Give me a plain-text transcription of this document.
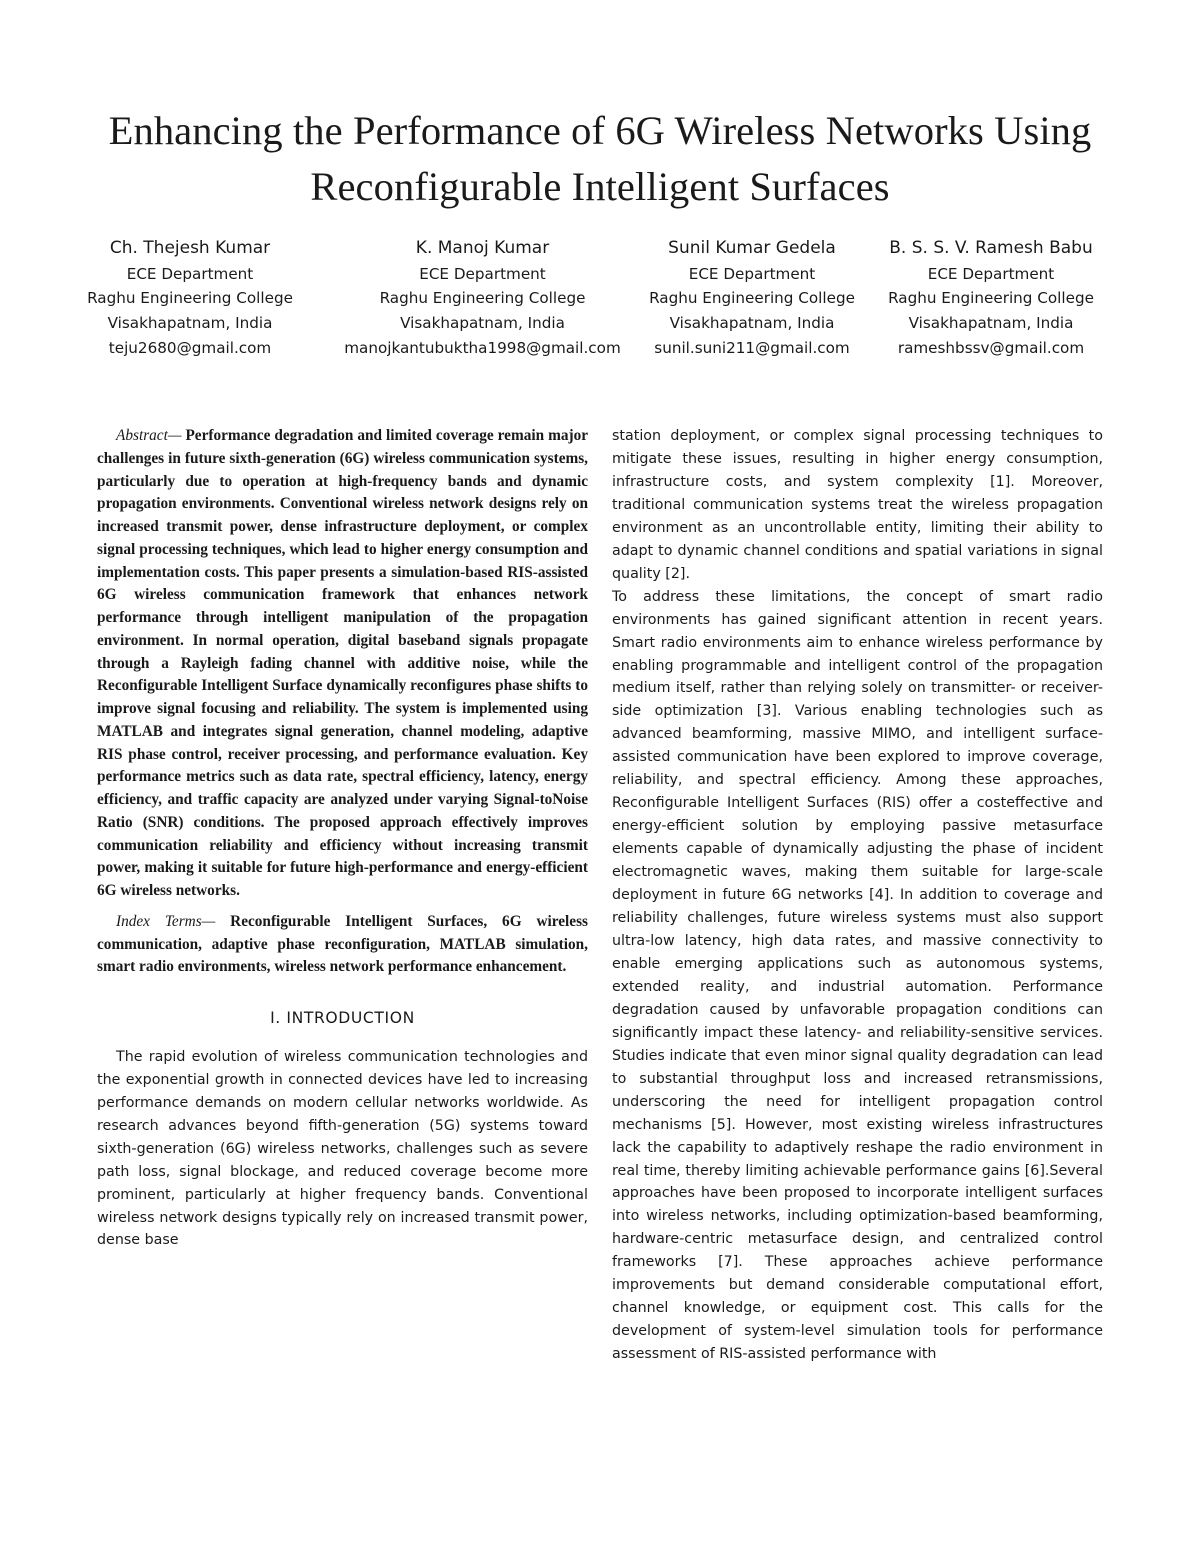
Enhancing the Performance of 6G Wireless Networks Using Reconfigurable Intelligent Surfaces
Ch. Thejesh Kumar
ECE Department
Raghu Engineering College
Visakhapatnam, India
teju2680@gmail.com
K. Manoj Kumar
ECE Department
Raghu Engineering College
Visakhapatnam, India
manojkantubuktha1998@gmail.com
Sunil Kumar Gedela
ECE Department
Raghu Engineering College
Visakhapatnam, India
sunil.suni211@gmail.com
B. S. S. V. Ramesh Babu
ECE Department
Raghu Engineering College
Visakhapatnam, India
rameshbssv@gmail.com

Abstract— Performance degradation and limited coverage remain major challenges in future sixth-generation (6G) wireless communication systems, particularly due to operation at high-frequency bands and dynamic propagation environments. Conventional wireless network designs rely on increased transmit power, dense infrastructure deployment, or complex signal processing techniques, which lead to higher energy consumption and implementation costs. This paper presents a simulation-based RIS-assisted 6G wireless communication framework that enhances network performance through intelligent manipulation of the propagation environment. In normal operation, digital baseband signals propagate through a Rayleigh fading channel with additive noise, while the Reconfigurable Intelligent Surface dynamically reconfigures phase shifts to improve signal focusing and reliability. The system is implemented using MATLAB and integrates signal generation, channel modeling, adaptive RIS phase control, receiver processing, and performance evaluation. Key performance metrics such as data rate, spectral efficiency, latency, energy efficiency, and traffic capacity are analyzed under varying Signal-toNoise Ratio (SNR) conditions. The proposed approach effectively improves communication reliability and efficiency without increasing transmit power, making it suitable for future high-performance and energy-efficient 6G wireless networks.

Index Terms— Reconfigurable Intelligent Surfaces, 6G wireless communication, adaptive phase reconfiguration, MATLAB simulation, smart radio environments, wireless network performance enhancement.

I. INTRODUCTION

The rapid evolution of wireless communication technologies and the exponential growth in connected devices have led to increasing performance demands on modern cellular networks worldwide. As research advances beyond fifth-generation (5G) systems toward sixth-generation (6G) wireless networks, challenges such as severe path loss, signal blockage, and reduced coverage become more prominent, particularly at higher frequency bands. Conventional wireless network designs typically rely on increased transmit power, dense base

station deployment, or complex signal processing techniques to mitigate these issues, resulting in higher energy consumption, infrastructure costs, and system complexity [1]. Moreover, traditional communication systems treat the wireless propagation environment as an uncontrollable entity, limiting their ability to adapt to dynamic channel conditions and spatial variations in signal quality [2].

To address these limitations, the concept of smart radio environments has gained significant attention in recent years. Smart radio environments aim to enhance wireless performance by enabling programmable and intelligent control of the propagation medium itself, rather than relying solely on transmitter- or receiver-side optimization [3]. Various enabling technologies such as advanced beamforming, massive MIMO, and intelligent surface-assisted communication have been explored to improve coverage, reliability, and spectral efficiency. Among these approaches, Reconfigurable Intelligent Surfaces (RIS) offer a costeffective and energy-efficient solution by employing passive metasurface elements capable of dynamically adjusting the phase of incident electromagnetic waves, making them suitable for large-scale deployment in future 6G networks [4]. In addition to coverage and reliability challenges, future wireless systems must also support ultra-low latency, high data rates, and massive connectivity to enable emerging applications such as autonomous systems, extended reality, and industrial automation. Performance degradation caused by unfavorable propagation conditions can significantly impact these latency- and reliability-sensitive services. Studies indicate that even minor signal quality degradation can lead to substantial throughput loss and increased retransmissions, underscoring the need for intelligent propagation control mechanisms [5]. However, most existing wireless infrastructures lack the capability to adaptively reshape the radio environment in real time, thereby limiting achievable performance gains [6].Several approaches have been proposed to incorporate intelligent surfaces into wireless networks, including optimization-based beamforming, hardware-centric metasurface design, and centralized control frameworks [7]. These approaches achieve performance improvements but demand considerable computational effort, channel knowledge, or equipment cost. This calls for the development of system-level simulation tools for performance assessment of RIS-assisted performance with
